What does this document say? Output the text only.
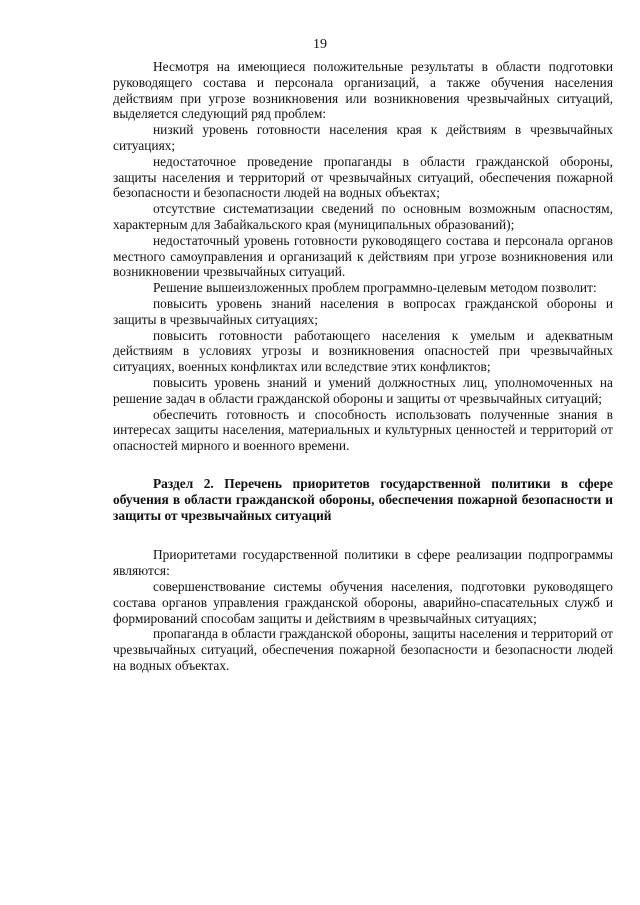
19

Несмотря на имеющиеся положительные результаты в области подготовки руководящего состава и персонала организаций, а также обучения населения действиям при угрозе возникновения или возникновения чрезвычайных ситуаций, выделяется следующий ряд проблем:

низкий уровень готовности населения края к действиям в чрезвычайных ситуациях;

недостаточное проведение пропаганды в области гражданской обороны, защиты населения и территорий от чрезвычайных ситуаций, обеспечения пожарной безопасности и безопасности людей на водных объектах;

отсутствие систематизации сведений по основным возможным опасностям, характерным для Забайкальского края (муниципальных образований);

недостаточный уровень готовности руководящего состава и персонала органов местного самоуправления и организаций к действиям при угрозе возникновения или возникновении чрезвычайных ситуаций.

Решение вышеизложенных проблем программно-целевым методом позволит:

повысить уровень знаний населения в вопросах гражданской обороны и защиты в чрезвычайных ситуациях;

повысить готовности работающего населения к умелым и адекватным действиям в условиях угрозы и возникновения опасностей при чрезвычайных ситуациях, военных конфликтах или вследствие этих конфликтов;

повысить уровень знаний и умений должностных лиц, уполномоченных на решение задач в области гражданской обороны и защиты от чрезвычайных ситуаций;

обеспечить готовность и способность использовать полученные знания в интересах защиты населения, материальных и культурных ценностей и территорий от опасностей мирного и военного времени.

Раздел 2. Перечень приоритетов государственной политики в сфере обучения в области гражданской обороны, обеспечения пожарной безопасности и защиты от чрезвычайных ситуаций

Приоритетами государственной политики в сфере реализации подпрограммы являются:

совершенствование системы обучения населения, подготовки руководящего состава органов управления гражданской обороны, аварийно-спасательных служб и формирований способам защиты и действиям в чрезвычайных ситуациях;

пропаганда в области гражданской обороны, защиты населения и территорий от чрезвычайных ситуаций, обеспечения пожарной безопасности и безопасности людей на водных объектах.
